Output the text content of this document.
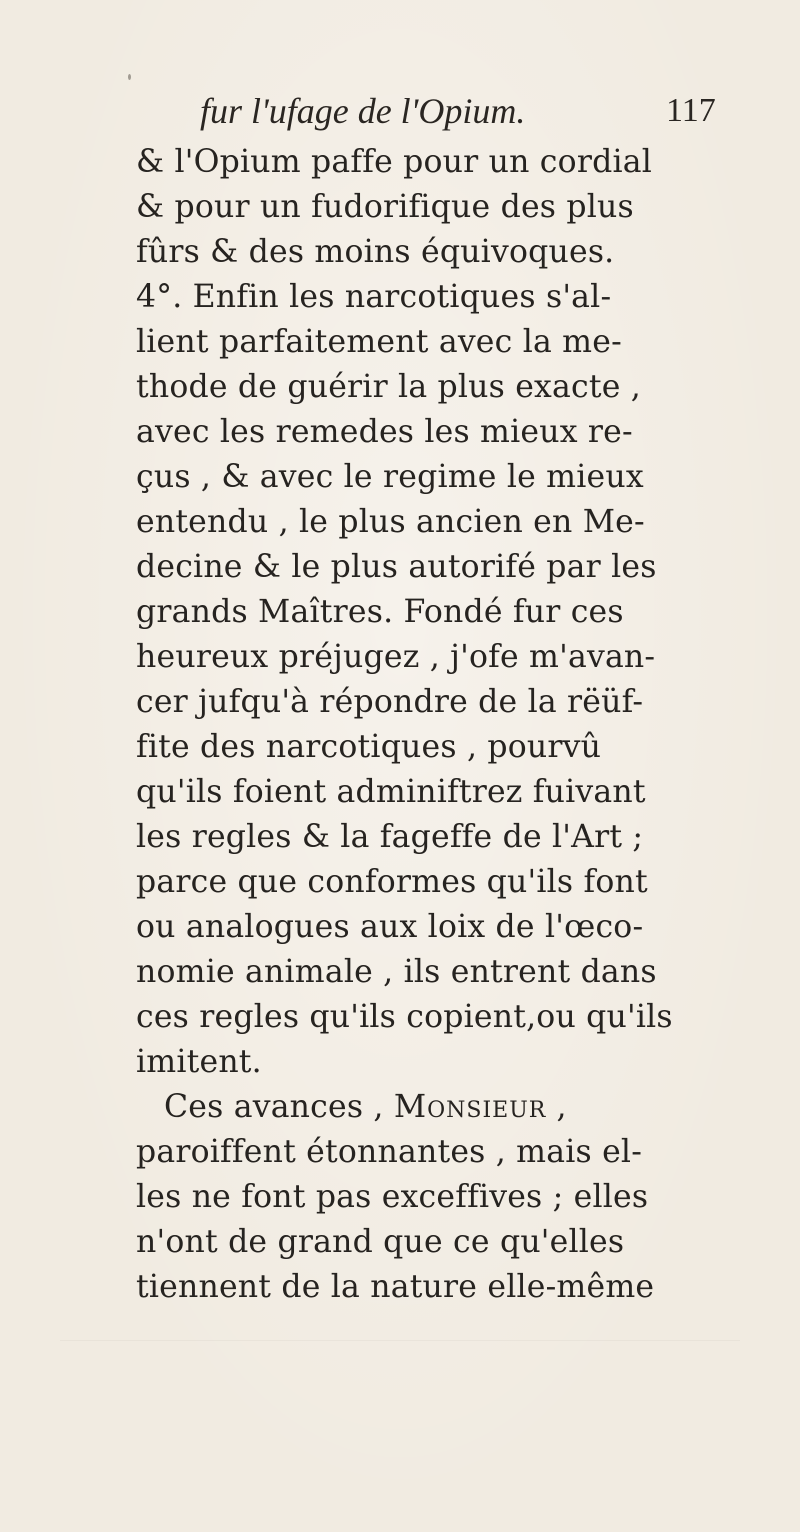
fur l'ufage de l'Opium.	117
& l'Opium paffe pour un cordial
& pour un fudorifique des plus
fûrs & des moins équivoques.
4°. Enfin les narcotiques s'al-
lient parfaitement avec la me-
thode de guérir la plus exacte ,
avec les remedes les mieux re-
çus , & avec le regime le mieux
entendu , le plus ancien en Me-
decine & le plus autorifé par les
grands Maîtres. Fondé fur ces
heureux préjugez , j'ofe m'avan-
cer jufqu'à répondre de la rëüf-
fite des narcotiques , pourvû
qu'ils foient adminiftrez fuivant
les regles & la fageffe de l'Art ;
parce que conformes qu'ils font
ou analogues aux loix de l'œco-
nomie animale , ils entrent dans
ces regles qu'ils copient,ou qu'ils
imitent.
Ces avances , Monsieur ,
paroiffent étonnantes , mais el-
les ne font pas exceffives ; elles
n'ont de grand que ce qu'elles
tiennent de la nature elle-même
